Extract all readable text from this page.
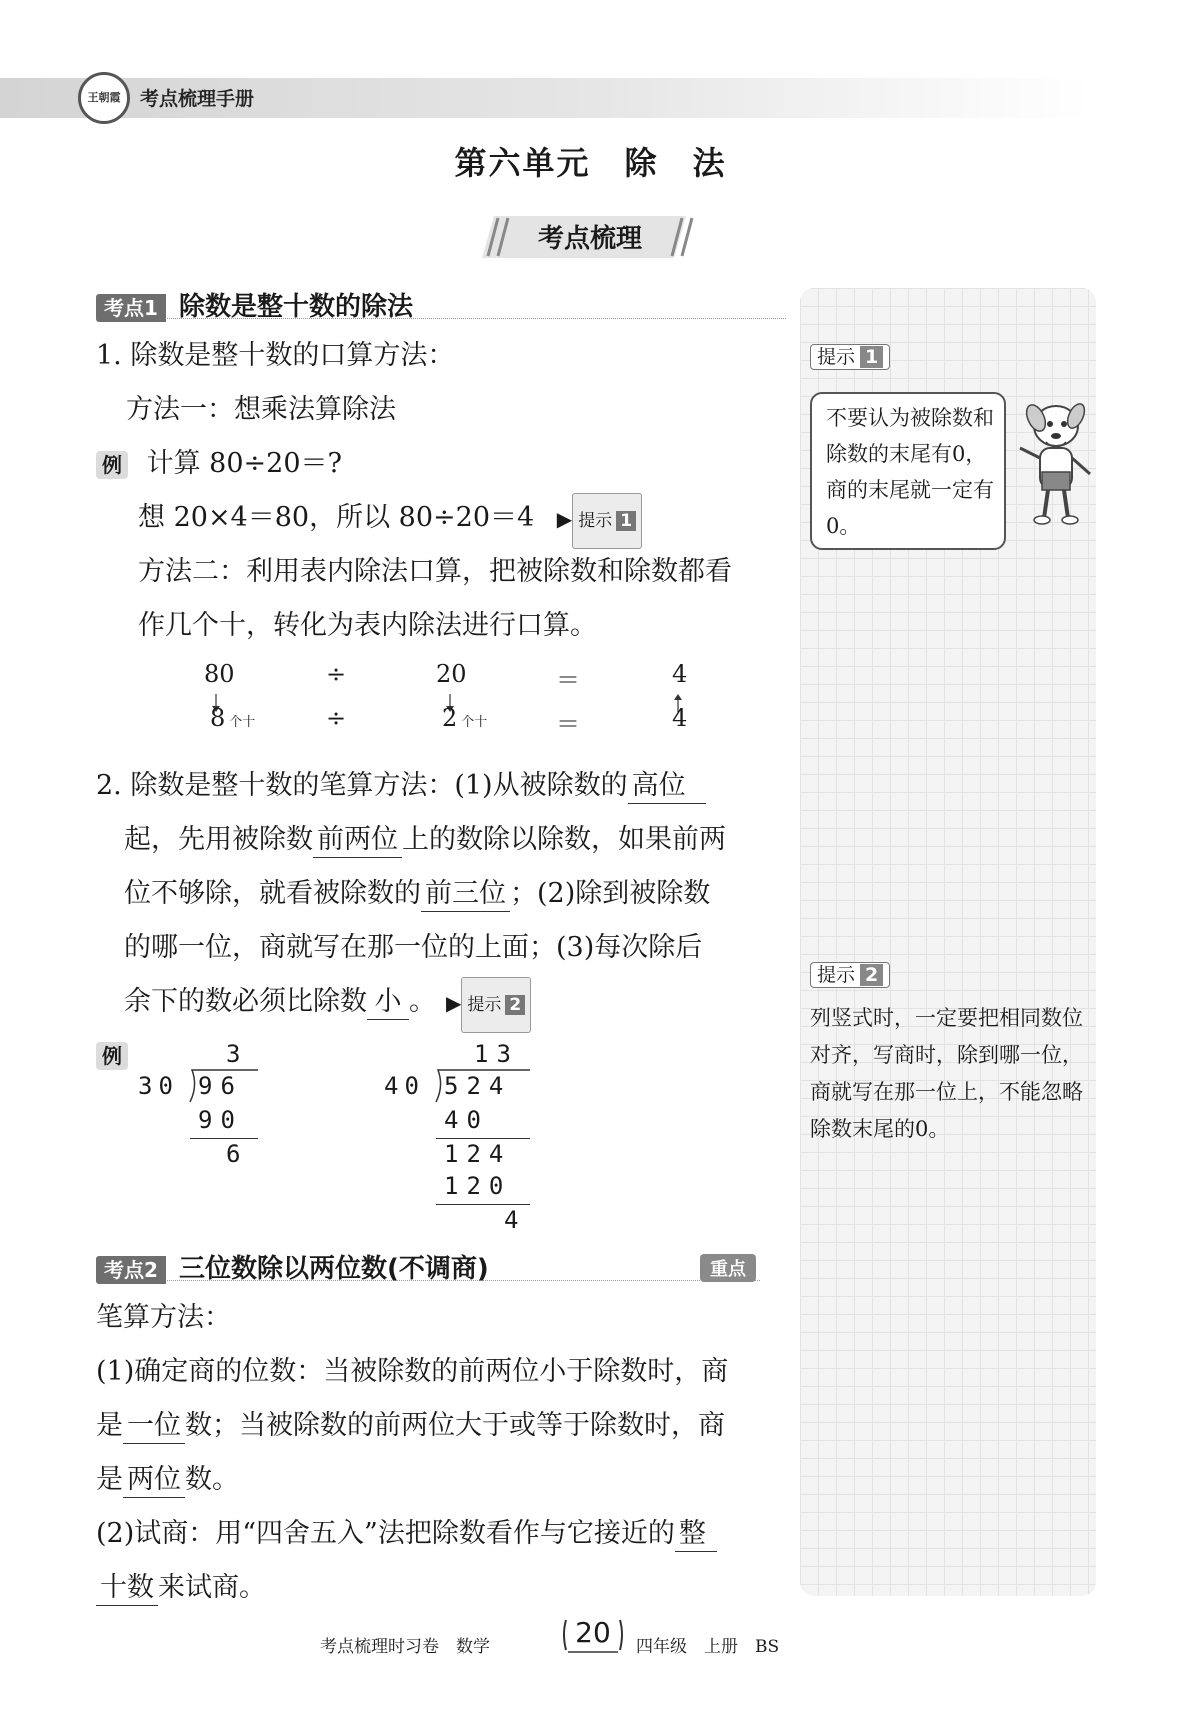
王朝霞	考点梳理手册
第六单元　除　法
考点梳理
考点1 除数是整十数的除法
1. 除数是整十数的口算方法：
方法一：想乘法算除法
例 计算 80÷20＝?
想 20×4＝80，所以 80÷20＝4 ▶ 提示 1
方法二：利用表内除法口算，把被除数和除数都看
作几个十，转化为表内除法进行口算。
80	÷	20	＝	4
8 个十	÷	2 个十	＝	4
2. 除数是整十数的笔算方法：(1)从被除数的 高位
起，先用被除数 前两位 上的数除以除数，如果前两
位不够除，就看被除数的 前三位 ；(2)除到被除数
的哪一位，商就写在那一位的上面；(3)每次除后
余下的数必须比除数 小 。 ▶ 提示 2
例	3
30 96
90
6
13
40 524
40
124
120
4
考点2 三位数除以两位数(不调商)	重点
笔算方法：
(1)确定商的位数：当被除数的前两位小于除数时，商
是 一位 数；当被除数的前两位大于或等于除数时，商
是 两位 数。
(2)试商：用“四舍五入”法把除数看作与它接近的 整
十数 来试商。
提示 1
不要认为被除数和除数的末尾有0，商的末尾就一定有0。
提示 2
列竖式时，一定要把相同数位对齐，写商时，除到哪一位，商就写在那一位上，不能忽略除数末尾的0。
考点梳理时习卷　数学	20	四年级　上册　BS
